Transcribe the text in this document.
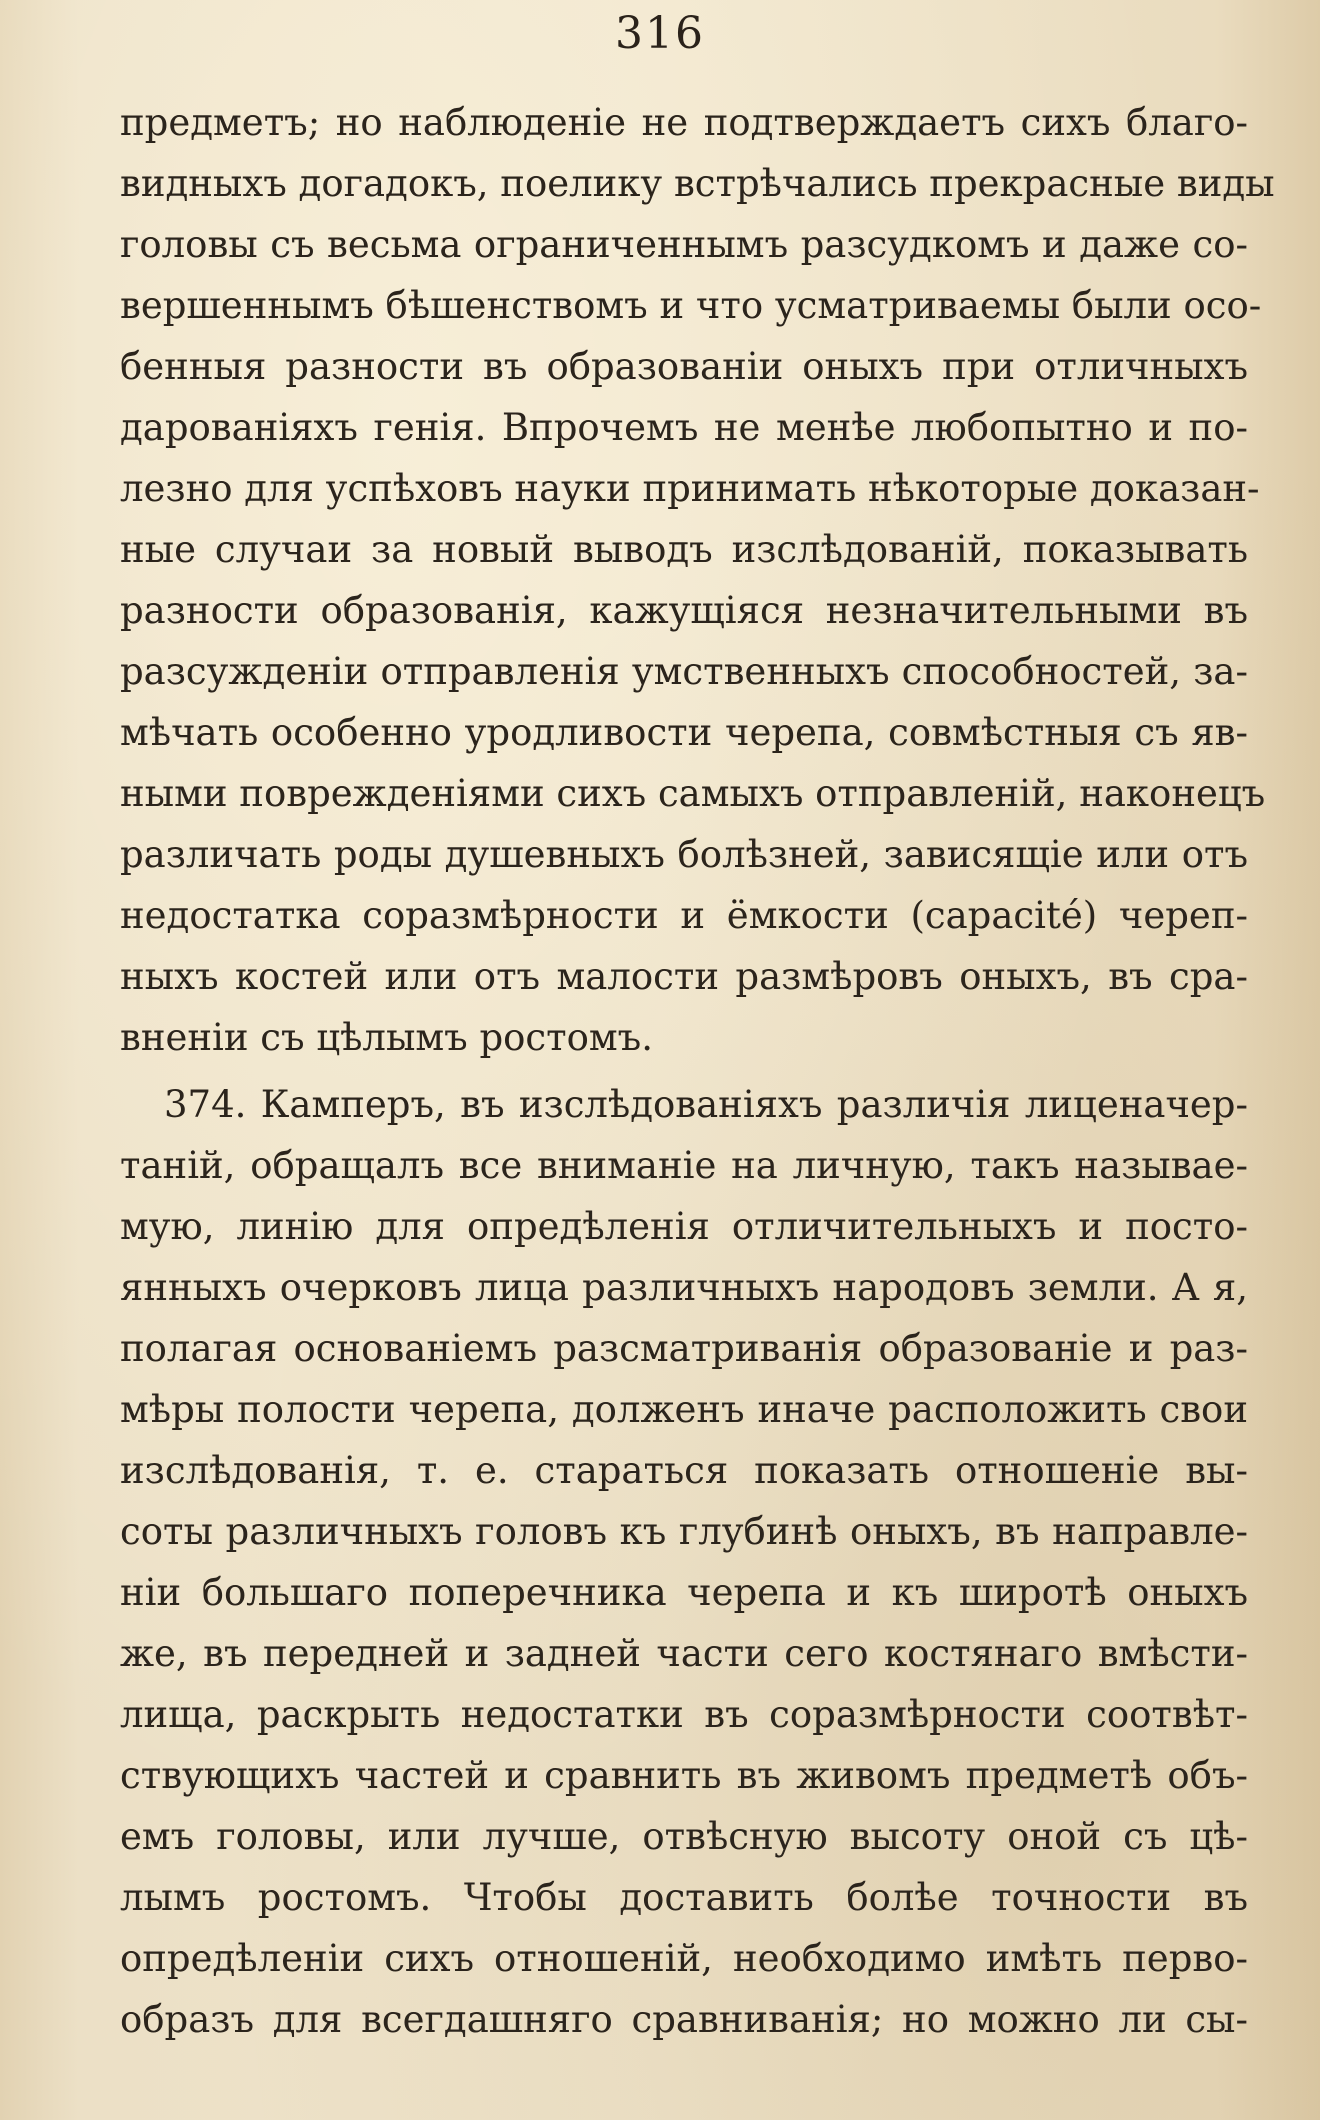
316
предметъ; но наблюденіе не подтверждаетъ сихъ благо-
видныхъ догадокъ, поелику встрѣчались прекрасные виды
головы съ весьма ограниченнымъ разсудкомъ и даже со-
вершеннымъ бѣшенствомъ и что усматриваемы были осо-
бенныя разности въ образованіи оныхъ при отличныхъ
дарованіяхъ генія. Впрочемъ не менѣе любопытно и по-
лезно для успѣховъ науки принимать нѣкоторые доказан-
ные случаи за новый выводъ изслѣдованій, показывать
разности образованія, кажущіяся незначительными въ
разсужденіи отправленія умственныхъ способностей, за-
мѣчать особенно уродливости черепа, совмѣстныя съ яв-
ными поврежденіями сихъ самыхъ отправленій, наконецъ
различать роды душевныхъ болѣзней, зависящіе или отъ
недостатка соразмѣрности и ёмкости (capacité) череп-
ныхъ костей или отъ малости размѣровъ оныхъ, въ сра-
вненіи съ цѣлымъ ростомъ.
374. Камперъ, въ изслѣдованіяхъ различія лиценачер-
таній, обращалъ все вниманіе на личную, такъ называе-
мую, линію для опредѣленія отличительныхъ и посто-
янныхъ очерковъ лица различныхъ народовъ земли. А я,
полагая основаніемъ разсматриванія образованіе и раз-
мѣры полости черепа, долженъ иначе расположить свои
изслѣдованія, т. е. стараться показать отношеніе вы-
соты различныхъ головъ къ глубинѣ оныхъ, въ направле-
ніи большаго поперечника черепа и къ широтѣ оныхъ
же, въ передней и задней части сего костянаго вмѣсти-
лища, раскрыть недостатки въ соразмѣрности соотвѣт-
ствующихъ частей и сравнить въ живомъ предметѣ объ-
емъ головы, или лучше, отвѣсную высоту оной съ цѣ-
лымъ ростомъ. Чтобы доставить болѣе точности въ
опредѣленіи сихъ отношеній, необходимо имѣть перво-
образъ для всегдашняго сравниванія; но можно ли сы-
